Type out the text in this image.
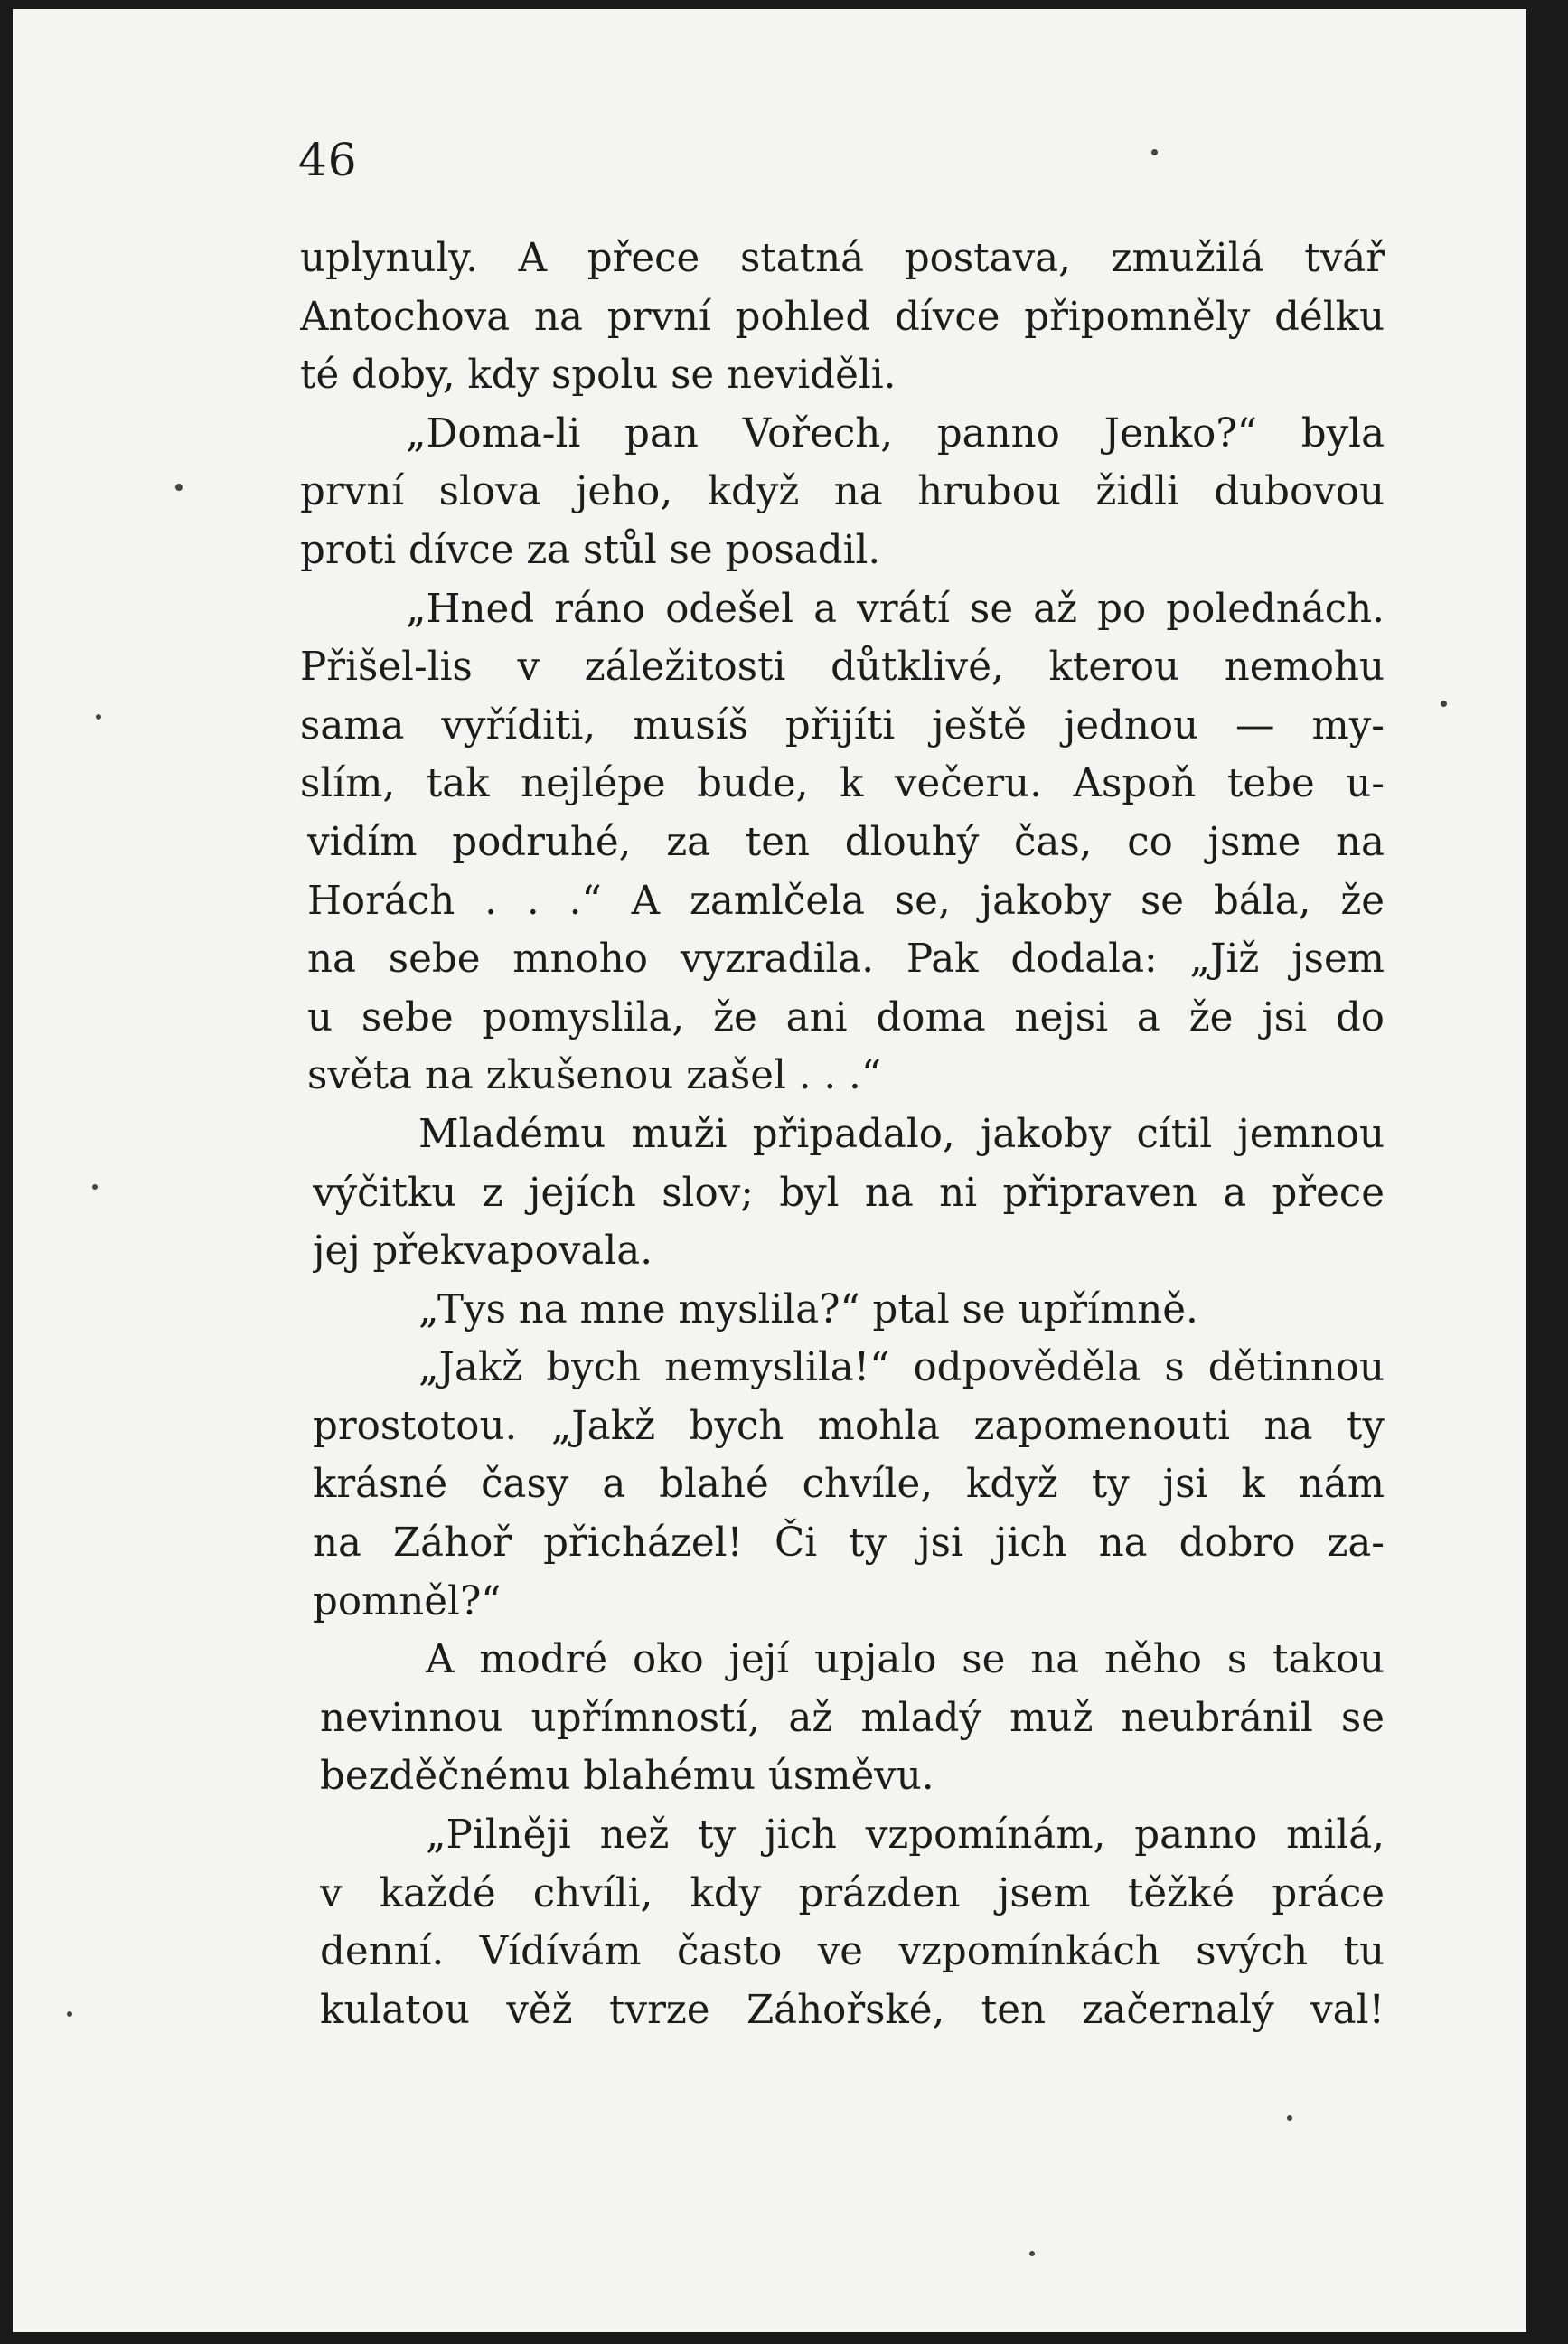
46
uplynuly. A přece statná postava, zmužilá tvář
Antochova na první pohled dívce připomněly délku
té doby, kdy spolu se neviděli.
„Doma-li pan Vořech, panno Jenko?“ byla
první slova jeho, když na hrubou židli dubovou
proti dívce za stůl se posadil.
„Hned ráno odešel a vrátí se až po polednách.
Přišel-lis v záležitosti důtklivé, kterou nemohu
sama vyříditi, musíš přijíti ještě jednou — my-
slím, tak nejlépe bude, k večeru. Aspoň tebe u-
vidím podruhé, za ten dlouhý čas, co jsme na
Horách . . .“ A zamlčela se, jakoby se bála, že
na sebe mnoho vyzradila. Pak dodala: „Již jsem
u sebe pomyslila, že ani doma nejsi a že jsi do
světa na zkušenou zašel . . .“
Mladému muži připadalo, jakoby cítil jemnou
výčitku z jejích slov; byl na ni připraven a přece
jej překvapovala.
„Tys na mne myslila?“ ptal se upřímně.
„Jakž bych nemyslila!“ odpověděla s dětinnou
prostotou. „Jakž bych mohla zapomenouti na ty
krásné časy a blahé chvíle, když ty jsi k nám
na Záhoř přicházel! Či ty jsi jich na dobro za-
pomněl?“
A modré oko její upjalo se na něho s takou
nevinnou upřímností, až mladý muž neubránil se
bezděčnému blahému úsměvu.
„Pilněji než ty jich vzpomínám, panno milá,
v každé chvíli, kdy prázden jsem těžké práce
denní. Vídívám často ve vzpomínkách svých tu
kulatou věž tvrze Záhořské, ten začernalý val!
